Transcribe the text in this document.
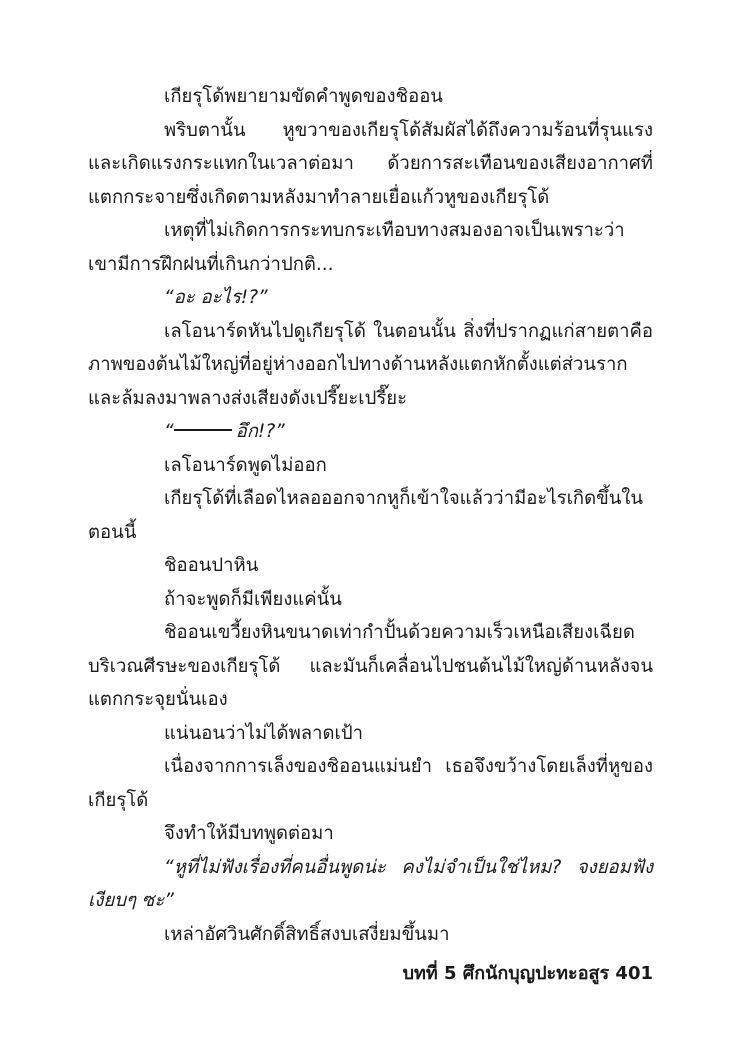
เกียรุโด้พยายามขัดคำพูดของชิออน

พริบตานั้น หูขวาของเกียรุโด้สัมผัสได้ถึงความร้อนที่รุนแรงและเกิดแรงกระแทกในเวลาต่อมา ด้วยการสะเทือนของเสียงอากาศที่แตกกระจายซึ่งเกิดตามหลังมาทำลายเยื่อแก้วหูของเกียรุโด้

เหตุที่ไม่เกิดการกระทบกระเทือบทางสมองอาจเป็นเพราะว่าเขามีการฝึกฝนที่เกินกว่าปกติ...

“อะ อะไร!?”

เลโอนาร์ดหันไปดูเกียรุโด้ ในตอนนั้น สิ่งที่ปรากฏแก่สายตาคือภาพของต้นไม้ใหญ่ที่อยู่ห่างออกไปทางด้านหลังแตกหักตั้งแต่ส่วนรากและล้มลงมาพลางส่งเสียงดังเปรี๊ยะเปรี๊ยะ

“	อึก!?”

เลโอนาร์ดพูดไม่ออก

เกียรุโด้ที่เลือดไหลอออกจากหูก็เข้าใจแล้วว่ามีอะไรเกิดขึ้นในตอนนี้

ชิออนปาหิน

ถ้าจะพูดก็มีเพียงแค่นั้น

ชิออนเขวี้ยงหินขนาดเท่ากำปั้นด้วยความเร็วเหนือเสียงเฉียดบริเวณศีรษะของเกียรุโด้ และมันก็เคลื่อนไปชนต้นไม้ใหญ่ด้านหลังจนแตกกระจุยนั่นเอง

แน่นอนว่าไม่ได้พลาดเป้า

เนื่องจากการเล็งของชิออนแม่นยำ เธอจึงขว้างโดยเล็งที่หูของเกียรุโด้

จึงทำให้มีบทพูดต่อมา

“หูที่ไม่ฟังเรื่องที่คนอื่นพูดน่ะ คงไม่จำเป็นใช่ไหม? จงยอมฟังเงียบๆ ซะ”

เหล่าอัศวินศักดิ์สิทธิ์สงบเสงี่ยมขึ้นมา

บทที่ 5 ศึกนักบุญปะทะอสูร 401
